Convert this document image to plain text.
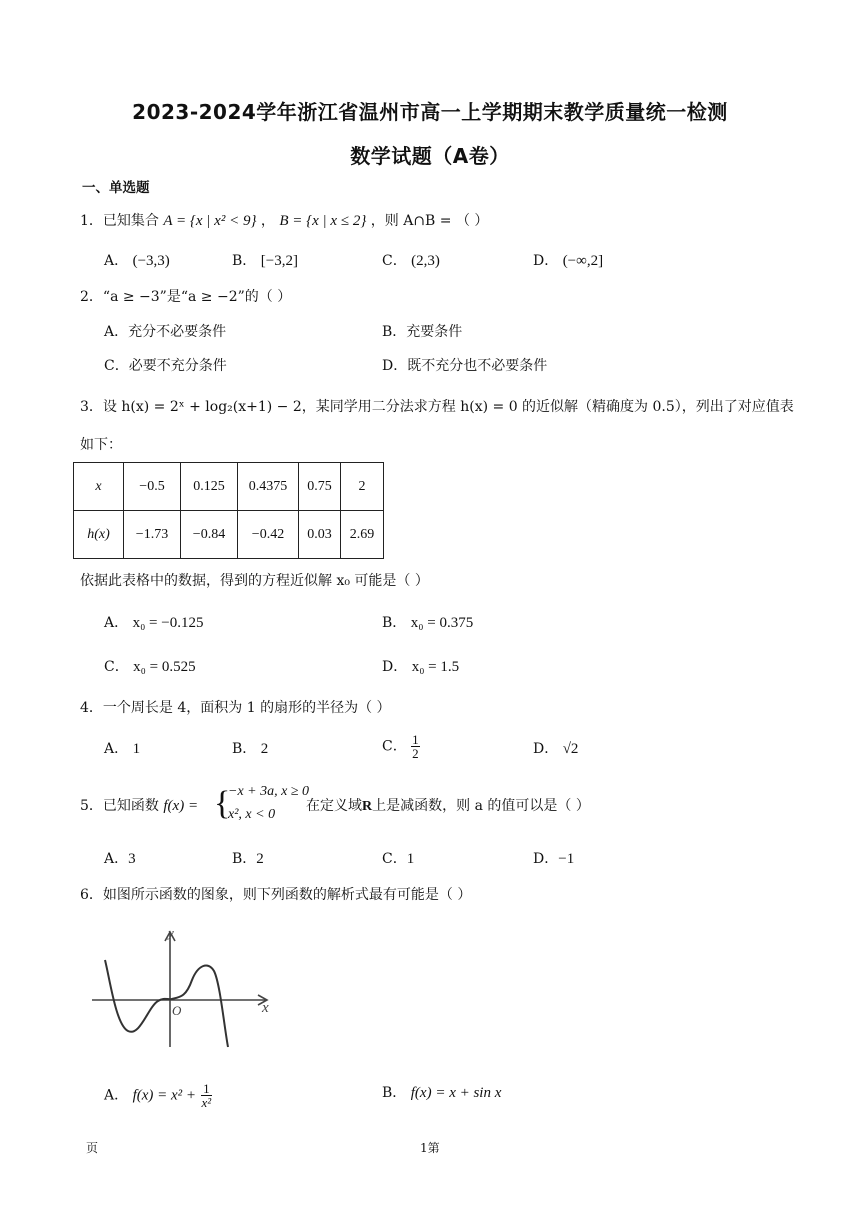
2023-2024学年浙江省温州市高一上学期期末教学质量统一检测
数学试题（A卷）
一、单选题
1．已知集合 A = {x | x² < 9} ， B = {x | x ≤ 2} ，则 A∩B = （ ）
A． (−3,3)	B． [−3,2]	C． (2,3)	D． (−∞,2]
2．“a ≥ −3”是“a ≥ −2”的（ ）
A．充分不必要条件	B．充要条件
C．必要不充分条件	D．既不充分也不必要条件
3．设 h(x) = 2ˣ + log₂(x+1) − 2，某同学用二分法求方程 h(x) = 0 的近似解（精确度为 0.5），列出了对应值表
如下：
x	−0.5	0.125	0.4375	0.75	2
h(x)	−1.73	−0.84	−0.42	0.03	2.69
依据此表格中的数据，得到的方程近似解 x₀ 可能是（ ）
A． x₀ = −0.125	B． x₀ = 0.375
C． x₀ = 0.525	D． x₀ = 1.5
4．一个周长是 4，面积为 1 的扇形的半径为（ ）
A． 1	B． 2	C． $\frac{1}{2}$	D． √2
5．已知函数 f(x) = {
−x + 3a, x ≥ 0
x², x < 0
在定义域R上是减函数，则 a 的值可以是（ ）
A．3	B．2	C．1	D．−1
6．如图所示函数的图象，则下列函数的解析式最有可能是（ ）
y
x
O
A． $f(x) = x^2 + \frac{1}{\text{x²}}$	B． f(x) = x + sin x
页	1第
